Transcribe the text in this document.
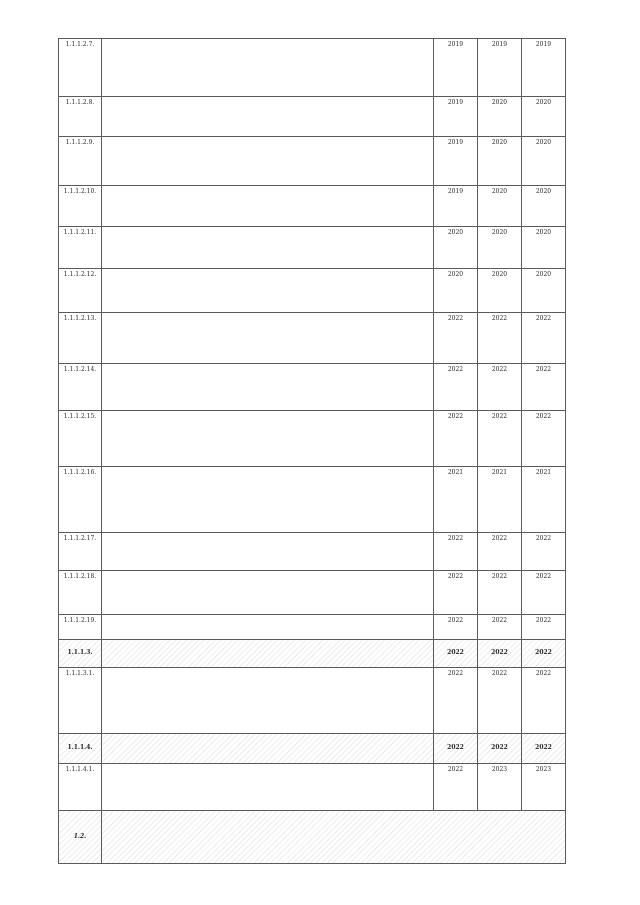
1.1.1.2.7.		2019	2019	2019
1.1.1.2.8.		2019	2020	2020
1.1.1.2.9.		2019	2020	2020
1.1.1.2.10.		2019	2020	2020
1.1.1.2.11.		2020	2020	2020
1.1.1.2.12.		2020	2020	2020
1.1.1.2.13.		2022	2022	2022
1.1.1.2.14.		2022	2022	2022
1.1.1.2.15.		2022	2022	2022
1.1.1.2.16.		2021	2021	2021
1.1.1.2.17.		2022	2022	2022
1.1.1.2.18.		2022	2022	2022
1.1.1.2.19.		2022	2022	2022
1.1.1.3.		2022	2022	2022
1.1.1.3.1.		2022	2022	2022
1.1.1.4.		2022	2022	2022
1.1.1.4.1.		2022	2023	2023
1.2.				
